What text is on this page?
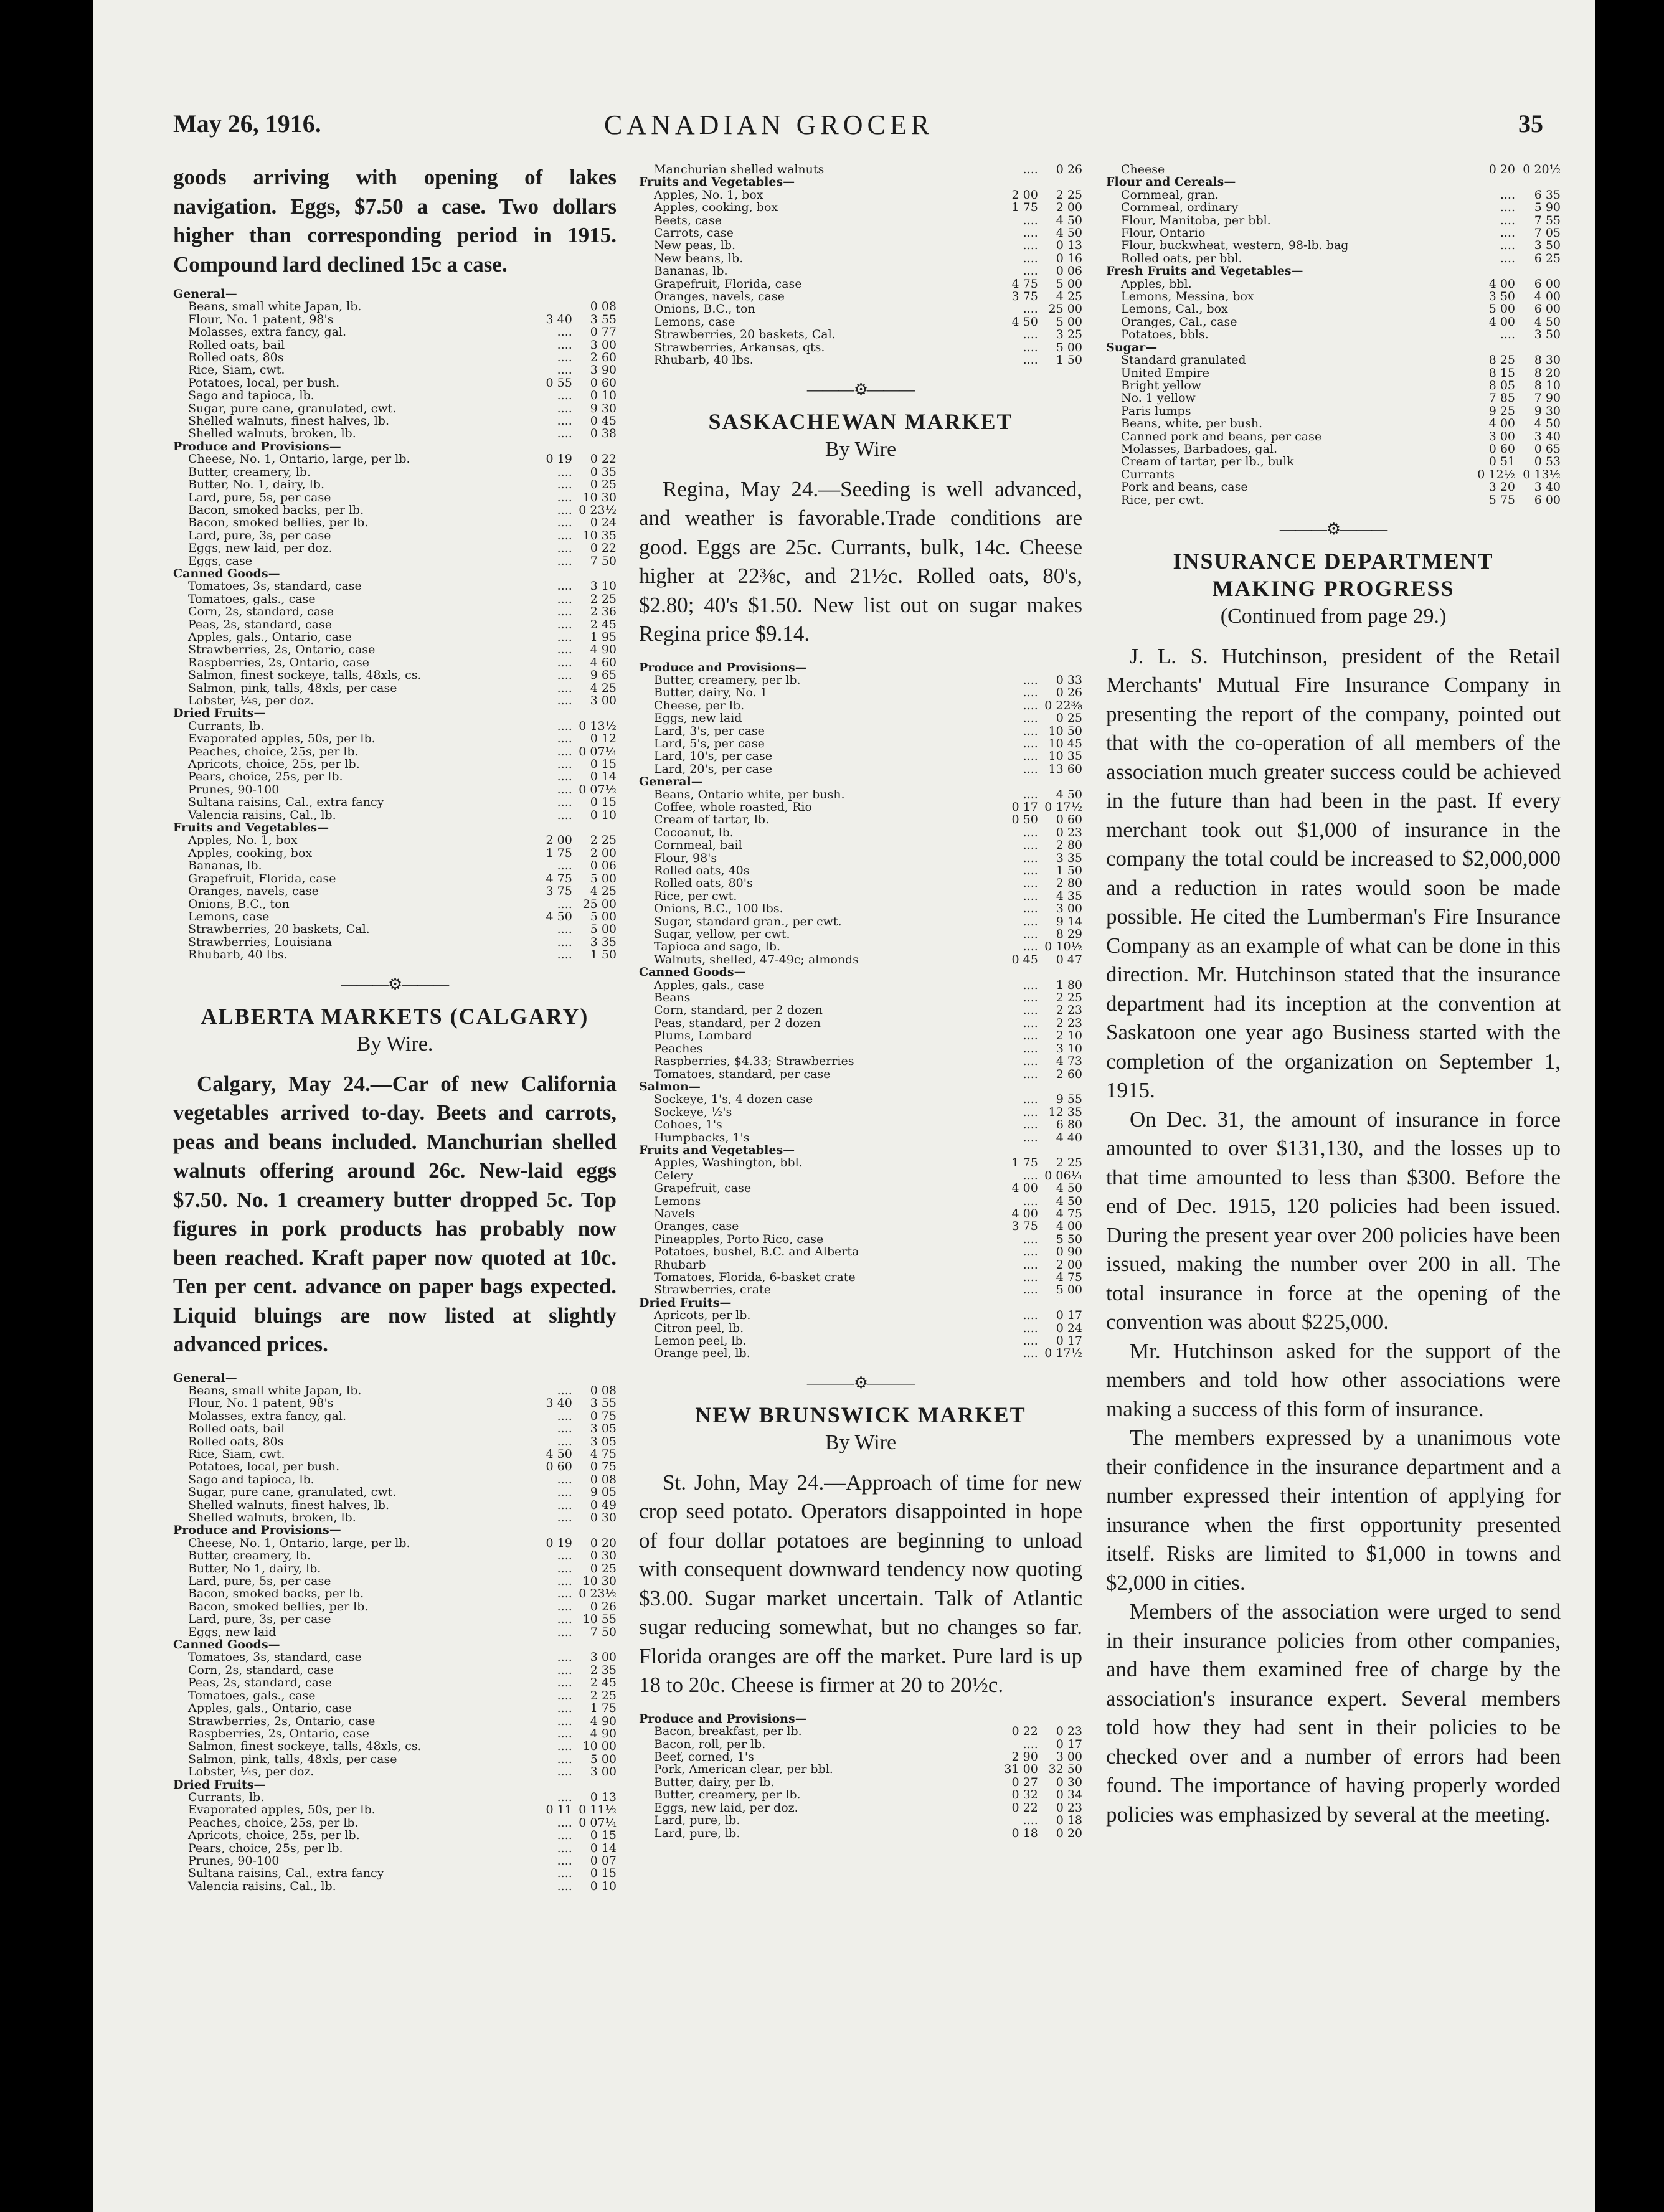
May 26, 1916.	CANADIAN GROCER	35

goods arriving with opening of lakes navigation. Eggs, $7.50 a case. Two dollars higher than corresponding period in 1915. Compound lard declined 15c a case.

General—		
Beans, small white Japan, lb.		0 08
Flour, No. 1 patent, 98's	3 40	3 55
Molasses, extra fancy, gal.	....	0 77
Rolled oats, bail	....	3 00
Rolled oats, 80s	....	2 60
Rice, Siam, cwt.	....	3 90
Potatoes, local, per bush.	0 55	0 60
Sago and tapioca, lb.	....	0 10
Sugar, pure cane, granulated, cwt.	....	9 30
Shelled walnuts, finest halves, lb.	....	0 45
Shelled walnuts, broken, lb.	....	0 38
Produce and Provisions—		
Cheese, No. 1, Ontario, large, per lb.	0 19	0 22
Butter, creamery, lb.	....	0 35
Butter, No. 1, dairy, lb.	....	0 25
Lard, pure, 5s, per case	....	10 30
Bacon, smoked backs, per lb.	....	0 23½
Bacon, smoked bellies, per lb.	....	0 24
Lard, pure, 3s, per case	....	10 35
Eggs, new laid, per doz.	....	0 22
Eggs, case	....	7 50
Canned Goods—		
Tomatoes, 3s, standard, case	....	3 10
Tomatoes, gals., case	....	2 25
Corn, 2s, standard, case	....	2 36
Peas, 2s, standard, case	....	2 45
Apples, gals., Ontario, case	....	1 95
Strawberries, 2s, Ontario, case	....	4 90
Raspberries, 2s, Ontario, case	....	4 60
Salmon, finest sockeye, talls, 48xls, cs.	....	9 65
Salmon, pink, talls, 48xls, per case	....	4 25
Lobster, ¼s, per doz.	....	3 00
Dried Fruits—		
Currants, lb.	....	0 13½
Evaporated apples, 50s, per lb.	....	0 12
Peaches, choice, 25s, per lb.	....	0 07¼
Apricots, choice, 25s, per lb.	....	0 15
Pears, choice, 25s, per lb.	....	0 14
Prunes, 90-100	....	0 07½
Sultana raisins, Cal., extra fancy	....	0 15
Valencia raisins, Cal., lb.	....	0 10
Fruits and Vegetables—		
Apples, No. 1, box	2 00	2 25
Apples, cooking, box	1 75	2 00
Bananas, lb.	....	0 06
Grapefruit, Florida, case	4 75	5 00
Oranges, navels, case	3 75	4 25
Onions, B.C., ton	....	25 00
Lemons, case	4 50	5 00
Strawberries, 20 baskets, Cal.	....	5 00
Strawberries, Louisiana	....	3 35
Rhubarb, 40 lbs.	....	1 50
———⚙———

ALBERTA MARKETS (CALGARY)

By Wire.

Calgary, May 24.—Car of new California vegetables arrived to-day. Beets and carrots, peas and beans included. Manchurian shelled walnuts offering around 26c. New-laid eggs $7.50. No. 1 creamery butter dropped 5c. Top figures in pork products has probably now been reached. Kraft paper now quoted at 10c. Ten per cent. advance on paper bags expected. Liquid bluings are now listed at slightly advanced prices.

General—		
Beans, small white Japan, lb.	....	0 08
Flour, No. 1 patent, 98's	3 40	3 55
Molasses, extra fancy, gal.	....	0 75
Rolled oats, bail	....	3 05
Rolled oats, 80s	....	3 05
Rice, Siam, cwt.	4 50	4 75
Potatoes, local, per bush.	0 60	0 75
Sago and tapioca, lb.	....	0 08
Sugar, pure cane, granulated, cwt.	....	9 05
Shelled walnuts, finest halves, lb.	....	0 49
Shelled walnuts, broken, lb.	....	0 30
Produce and Provisions—		
Cheese, No. 1, Ontario, large, per lb.	0 19	0 20
Butter, creamery, lb.	....	0 30
Butter, No 1, dairy, lb.	....	0 25
Lard, pure, 5s, per case	....	10 30
Bacon, smoked backs, per lb.	....	0 23½
Bacon, smoked bellies, per lb.	....	0 26
Lard, pure, 3s, per case	....	10 55
Eggs, new laid	....	7 50
Canned Goods—		
Tomatoes, 3s, standard, case	....	3 00
Corn, 2s, standard, case	....	2 35
Peas, 2s, standard, case	....	2 45
Tomatoes, gals., case	....	2 25
Apples, gals., Ontario, case	....	1 75
Strawberries, 2s, Ontario, case	....	4 90
Raspberries, 2s, Ontario, case	....	4 90
Salmon, finest sockeye, talls, 48xls, cs.	....	10 00
Salmon, pink, talls, 48xls, per case	....	5 00
Lobster, ¼s, per doz.	....	3 00
Dried Fruits—		
Currants, lb.	....	0 13
Evaporated apples, 50s, per lb.	0 11	0 11½
Peaches, choice, 25s, per lb.	....	0 07¼
Apricots, choice, 25s, per lb.	....	0 15
Pears, choice, 25s, per lb.	....	0 14
Prunes, 90-100	....	0 07
Sultana raisins, Cal., extra fancy	....	0 15
Valencia raisins, Cal., lb.	....	0 10
Manchurian shelled walnuts	....	0 26
Fruits and Vegetables—		
Apples, No. 1, box	2 00	2 25
Apples, cooking, box	1 75	2 00
Beets, case	....	4 50
Carrots, case	....	4 50
New peas, lb.	....	0 13
New beans, lb.	....	0 16
Bananas, lb.	....	0 06
Grapefruit, Florida, case	4 75	5 00
Oranges, navels, case	3 75	4 25
Onions, B.C., ton	....	25 00
Lemons, case	4 50	5 00
Strawberries, 20 baskets, Cal.	....	3 25
Strawberries, Arkansas, qts.	....	5 00
Rhubarb, 40 lbs.	....	1 50
———⚙———

SASKACHEWAN MARKET

By Wire

Regina, May 24.—Seeding is well advanced, and weather is favorable.Trade conditions are good. Eggs are 25c. Currants, bulk, 14c. Cheese higher at 22⅜c, and 21½c. Rolled oats, 80's, $2.80; 40's $1.50. New list out on sugar makes Regina price $9.14.

Produce and Provisions—		
Butter, creamery, per lb.	....	0 33
Butter, dairy, No. 1	....	0 26
Cheese, per lb.	....	0 22⅜
Eggs, new laid	....	0 25
Lard, 3's, per case	....	10 50
Lard, 5's, per case	....	10 45
Lard, 10's, per case	....	10 35
Lard, 20's, per case	....	13 60
General—		
Beans, Ontario white, per bush.	....	4 50
Coffee, whole roasted, Rio	0 17	0 17½
Cream of tartar, lb.	0 50	0 60
Cocoanut, lb.	....	0 23
Cornmeal, bail	....	2 80
Flour, 98's	....	3 35
Rolled oats, 40s	....	1 50
Rolled oats, 80's	....	2 80
Rice, per cwt.	....	4 35
Onions, B.C., 100 lbs.	....	3 00
Sugar, standard gran., per cwt.	....	9 14
Sugar, yellow, per cwt.	....	8 29
Tapioca and sago, lb.	....	0 10½
Walnuts, shelled, 47-49c; almonds	0 45	0 47
Canned Goods—		
Apples, gals., case	....	1 80
Beans	....	2 25
Corn, standard, per 2 dozen	....	2 23
Peas, standard, per 2 dozen	....	2 23
Plums, Lombard	....	2 10
Peaches	....	3 10
Raspberries, $4.33; Strawberries	....	4 73
Tomatoes, standard, per case	....	2 60
Salmon—		
Sockeye, 1's, 4 dozen case	....	9 55
Sockeye, ½'s	....	12 35
Cohoes, 1's	....	6 80
Humpbacks, 1's	....	4 40
Fruits and Vegetables—		
Apples, Washington, bbl.	1 75	2 25
Celery	....	0 06¼
Grapefruit, case	4 00	4 50
Lemons	....	4 50
Navels	4 00	4 75
Oranges, case	3 75	4 00
Pineapples, Porto Rico, case	....	5 50
Potatoes, bushel, B.C. and Alberta	....	0 90
Rhubarb	....	2 00
Tomatoes, Florida, 6-basket crate	....	4 75
Strawberries, crate	....	5 00
Dried Fruits—		
Apricots, per lb.	....	0 17
Citron peel, lb.	....	0 24
Lemon peel, lb.	....	0 17
Orange peel, lb.	....	0 17½
———⚙———

NEW BRUNSWICK MARKET

By Wire

St. John, May 24.—Approach of time for new crop seed potato. Operators disappointed in hope of four dollar potatoes are beginning to unload with consequent downward tendency now quoting $3.00. Sugar market uncertain. Talk of Atlantic sugar reducing somewhat, but no changes so far. Florida oranges are off the market. Pure lard is up 18 to 20c. Cheese is firmer at 20 to 20½c.

Produce and Provisions—		
Bacon, breakfast, per lb.	0 22	0 23
Bacon, roll, per lb.	....	0 17
Beef, corned, 1's	2 90	3 00
Pork, American clear, per bbl.	31 00	32 50
Butter, dairy, per lb.	0 27	0 30
Butter, creamery, per lb.	0 32	0 34
Eggs, new laid, per doz.	0 22	0 23
Lard, pure, lb.	....	0 18
Lard, pure, lb.	0 18	0 20
Cheese	0 20	0 20½
Flour and Cereals—		
Cornmeal, gran.	....	6 35
Cornmeal, ordinary	....	5 90
Flour, Manitoba, per bbl.	....	7 55
Flour, Ontario	....	7 05
Flour, buckwheat, western, 98-lb. bag	....	3 50
Rolled oats, per bbl.	....	6 25
Fresh Fruits and Vegetables—		
Apples, bbl.	4 00	6 00
Lemons, Messina, box	3 50	4 00
Lemons, Cal., box	5 00	6 00
Oranges, Cal., case	4 00	4 50
Potatoes, bbls.	....	3 50
Sugar—		
Standard granulated	8 25	8 30
United Empire	8 15	8 20
Bright yellow	8 05	8 10
No. 1 yellow	7 85	7 90
Paris lumps	9 25	9 30
Beans, white, per bush.	4 00	4 50
Canned pork and beans, per case	3 00	3 40
Molasses, Barbadoes, gal.	0 60	0 65
Cream of tartar, per lb., bulk	0 51	0 53
Currants	0 12½	0 13½
Pork and beans, case	3 20	3 40
Rice, per cwt.	5 75	6 00
———⚙———

INSURANCE DEPARTMENT

MAKING PROGRESS

(Continued from page 29.)

J. L. S. Hutchinson, president of the Retail Merchants' Mutual Fire Insurance Company in presenting the report of the company, pointed out that with the co-operation of all members of the association much greater success could be achieved in the future than had been in the past. If every merchant took out $1,000 of insurance in the company the total could be increased to $2,000,000 and a reduction in rates would soon be made possible. He cited the Lumberman's Fire Insurance Company as an example of what can be done in this direction. Mr. Hutchinson stated that the insurance department had its inception at the convention at Saskatoon one year ago Business started with the completion of the organization on September 1, 1915.

On Dec. 31, the amount of insurance in force amounted to over $131,130, and the losses up to that time amounted to less than $300. Before the end of Dec. 1915, 120 policies had been issued. During the present year over 200 policies have been issued, making the number over 200 in all. The total insurance in force at the opening of the convention was about $225,000.

Mr. Hutchinson asked for the support of the members and told how other associations were making a success of this form of insurance.

The members expressed by a unanimous vote their confidence in the insurance department and a number expressed their intention of applying for insurance when the first opportunity presented itself. Risks are limited to $1,000 in towns and $2,000 in cities.

Members of the association were urged to send in their insurance policies from other companies, and have them examined free of charge by the association's insurance expert. Several members told how they had sent in their policies to be checked over and a number of errors had been found. The importance of having properly worded policies was emphasized by several at the meeting.
